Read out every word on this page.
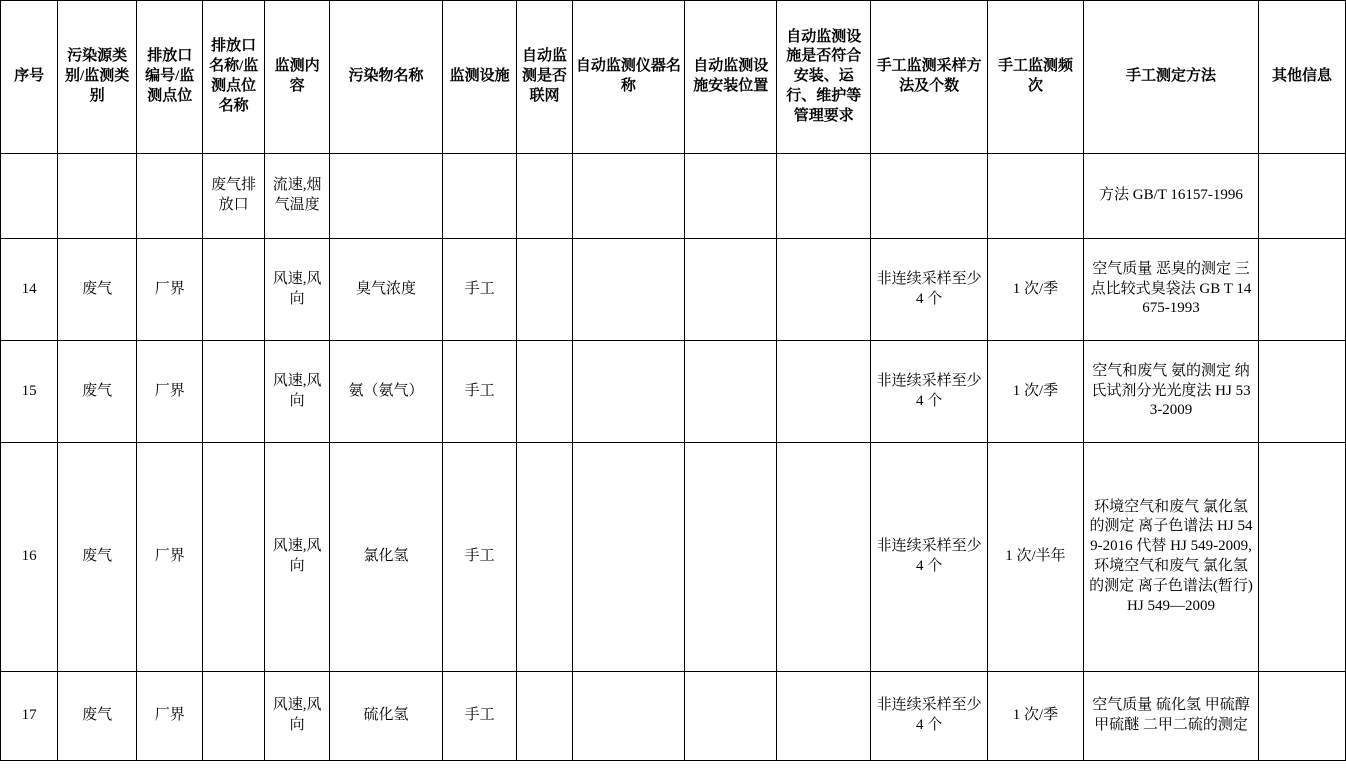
序号	污染源类别/监测类别	排放口编号/监测点位	排放口名称/监测点位名称	监测内容	污染物名称	监测设施	自动监测是否联网	自动监测仪器名称	自动监测设施安装位置	自动监测设施是否符合安装、运行、维护等管理要求	手工监测采样方法及个数	手工监测频次	手工测定方法	其他信息
			废气排放口	流速,烟气温度									方法 GB/T 16157-1996	
14	废气	厂界		风速,风向	臭气浓度	手工					非连续采样至少 4 个	1 次/季	空气质量 恶臭的测定 三点比较式臭袋法 GB T 14675-1993	
15	废气	厂界		风速,风向	氨（氨气）	手工					非连续采样至少 4 个	1 次/季	空气和废气 氨的测定 纳氏试剂分光光度法 HJ 533-2009	
16	废气	厂界		风速,风向	氯化氢	手工					非连续采样至少 4 个	1 次/半年	环境空气和废气 氯化氢的测定 离子色谱法 HJ 549-2016 代替 HJ 549-2009, 环境空气和废气 氯化氢的测定 离子色谱法(暂行)HJ 549—2009	
17	废气	厂界		风速,风向	硫化氢	手工					非连续采样至少 4 个	1 次/季	空气质量 硫化氢 甲硫醇 甲硫醚 二甲二硫的测定	
